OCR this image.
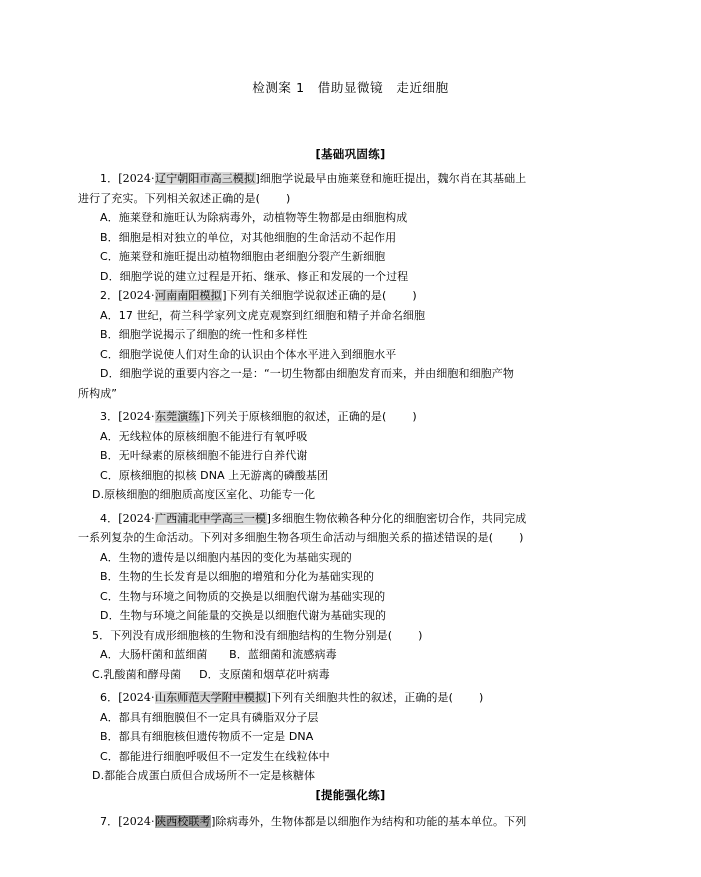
检测案 1　借助显微镜　走近细胞
[基础巩固练]

1．[2024·辽宁朝阳市高三模拟]细胞学说最早由施莱登和施旺提出，魏尔肖在其基础上

进行了充实。下列相关叙述正确的是( )

A．施莱登和施旺认为除病毒外，动植物等生物都是由细胞构成

B．细胞是相对独立的单位，对其他细胞的生命活动不起作用

C．施莱登和施旺提出动植物细胞由老细胞分裂产生新细胞

D．细胞学说的建立过程是开拓、继承、修正和发展的一个过程

2．[2024·河南南阳模拟]下列有关细胞学说叙述正确的是( )

A．17 世纪，荷兰科学家列文虎克观察到红细胞和精子并命名细胞

B．细胞学说揭示了细胞的统一性和多样性

C．细胞学说使人们对生命的认识由个体水平进入到细胞水平

D．细胞学说的重要内容之一是：“一切生物都由细胞发育而来，并由细胞和细胞产物

所构成”

3．[2024·东莞演练]下列关于原核细胞的叙述，正确的是( )

A．无线粒体的原核细胞不能进行有氧呼吸

B．无叶绿素的原核细胞不能进行自养代谢

C．原核细胞的拟核 DNA 上无游离的磷酸基团

D.原核细胞的细胞质高度区室化、功能专一化

4．[2024·广西浦北中学高三一模]多细胞生物依赖各种分化的细胞密切合作，共同完成

一系列复杂的生命活动。下列对多细胞生物各项生命活动与细胞关系的描述错误的是( )

A．生物的遗传是以细胞内基因的变化为基础实现的

B．生物的生长发育是以细胞的增殖和分化为基础实现的

C．生物与环境之间物质的交换是以细胞代谢为基础实现的

D．生物与环境之间能量的交换是以细胞代谢为基础实现的

5．下列没有成形细胞核的生物和没有细胞结构的生物分别是( )

A．大肠杆菌和蓝细菌 B．蓝细菌和流感病毒

C.乳酸菌和酵母菌 D．支原菌和烟草花叶病毒

6．[2024·山东师范大学附中模拟]下列有关细胞共性的叙述，正确的是( )

A．都具有细胞膜但不一定具有磷脂双分子层

B．都具有细胞核但遗传物质不一定是 DNA

C．都能进行细胞呼吸但不一定发生在线粒体中

D.都能合成蛋白质但合成场所不一定是核糖体

[提能强化练]

7．[2024·陕西校联考]除病毒外，生物体都是以细胞作为结构和功能的基本单位。下列
